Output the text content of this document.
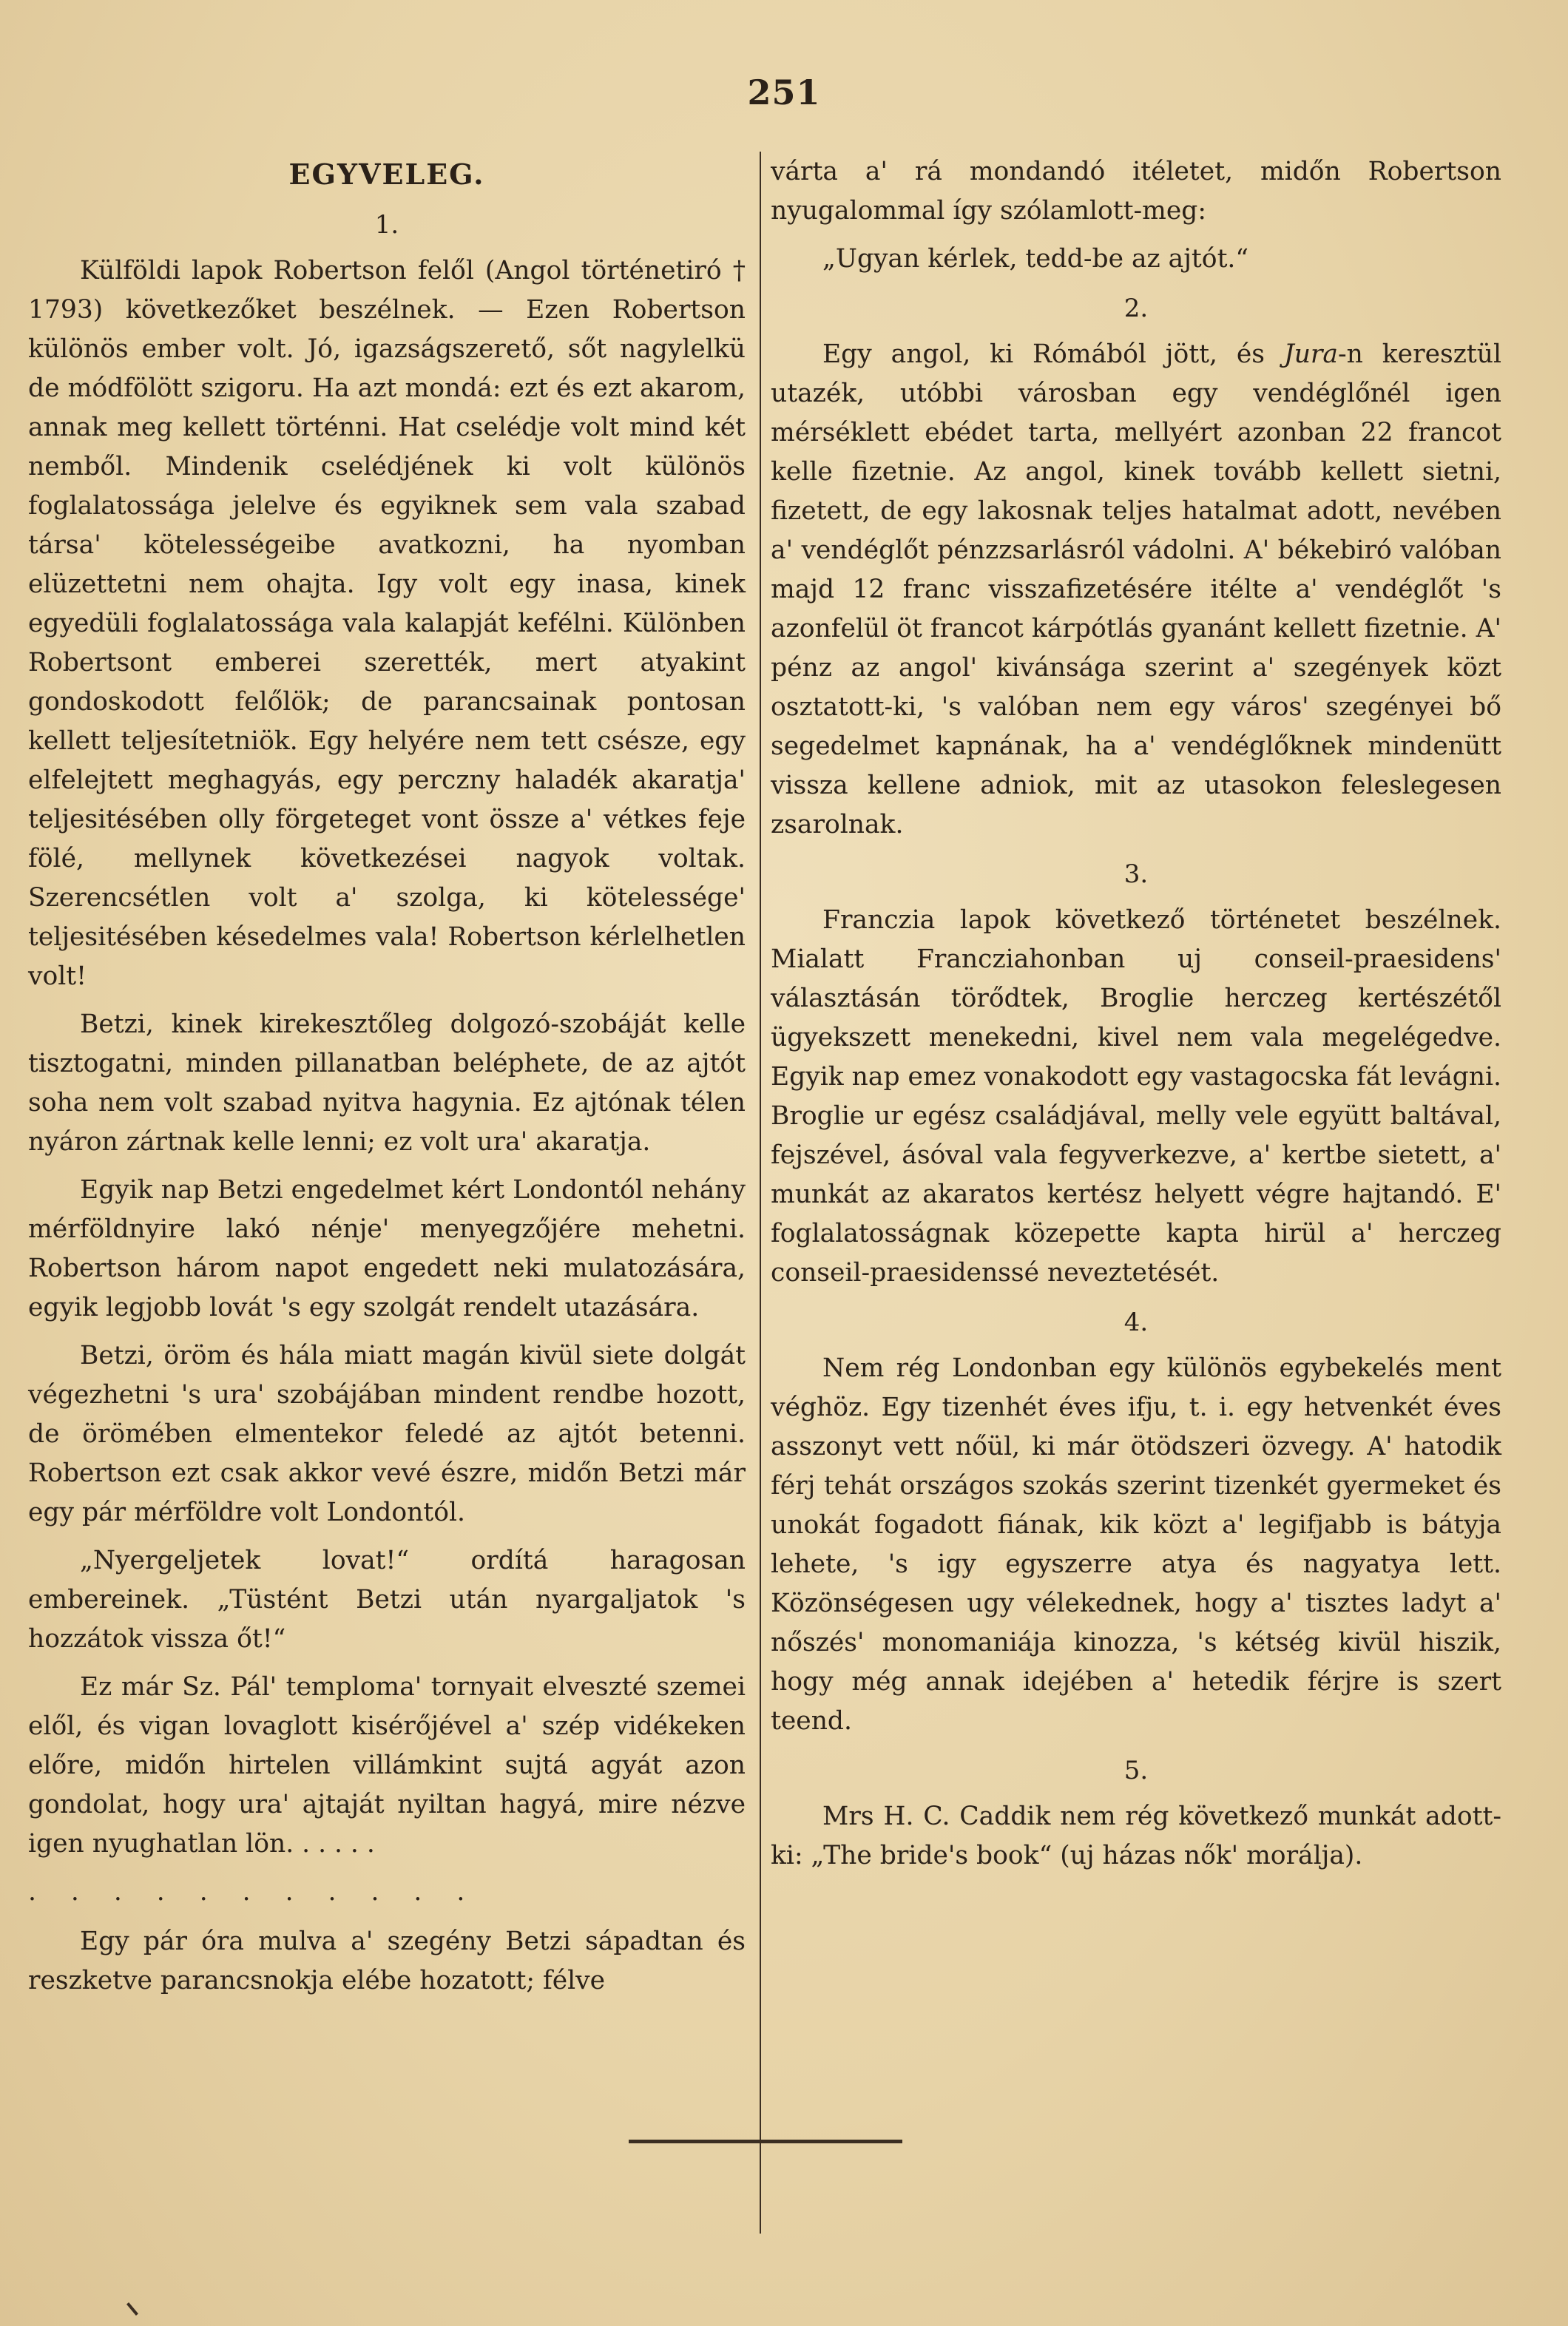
251
EGYVELEG.
1.

Külföldi lapok Robertson felől (Angol történetiró † 1793) következőket beszélnek. — Ezen Robertson különös ember volt. Jó, igazságszerető, sőt nagylelkü de módfölött szigoru. Ha azt mondá: ezt és ezt akarom, annak meg kellett történni. Hat cselédje volt mind két nemből. Mindenik cselédjének ki volt különös foglalatossága jelelve és egyiknek sem vala szabad társa' kötelességeibe avatkozni, ha nyomban elüzettetni nem ohajta. Igy volt egy inasa, kinek egyedüli foglalatossága vala kalapját kefélni. Különben Robertsont emberei szerették, mert atyakint gondoskodott felőlök; de parancsainak pontosan kellett teljesítetniök. Egy helyére nem tett csésze, egy elfelejtett meghagyás, egy perczny haladék akaratja' teljesitésében olly förgeteget vont össze a' vétkes feje fölé, mellynek következései nagyok voltak. Szerencsétlen volt a' szolga, ki kötelessége' teljesitésében késedelmes vala! Robertson kérlelhetlen volt!

Betzi, kinek kirekesztőleg dolgozó-szobáját kelle tisztogatni, minden pillanatban beléphete, de az ajtót soha nem volt szabad nyitva hagynia. Ez ajtónak télen nyáron zártnak kelle lenni; ez volt ura' akaratja.

Egyik nap Betzi engedelmet kért Londontól nehány mérföldnyire lakó nénje' menyegzőjére mehetni. Robertson három napot engedett neki mulatozására, egyik legjobb lovát 's egy szolgát rendelt utazására.

Betzi, öröm és hála miatt magán kivül siete dolgát végezhetni 's ura' szobájában mindent rendbe hozott, de örömében elmentekor feledé az ajtót betenni. Robertson ezt csak akkor vevé észre, midőn Betzi már egy pár mérföldre volt Londontól.

„Nyergeljetek lovat!“ ordítá haragosan embereinek. „Tüstént Betzi után nyargaljatok 's hozzátok vissza őt!“

Ez már Sz. Pál' temploma' tornyait elveszté szemei elől, és vigan lovaglott kisérőjével a' szép vidékeken előre, midőn hirtelen villámkint sujtá agyát azon gondolat, hogy ura' ajtaját nyiltan hagyá, mire nézve igen nyughatlan lön. . . . . .

. . . . . . . . . . .

Egy pár óra mulva a' szegény Betzi sápadtan és reszketve parancsnokja elébe hozatott; félve

várta a' rá mondandó itéletet, midőn Robertson nyugalommal így szólamlott-meg:

„Ugyan kérlek, tedd-be az ajtót.“

2.

Egy angol, ki Rómából jött, és Jura-n keresztül utazék, utóbbi városban egy vendéglőnél igen mérséklett ebédet tarta, mellyért azonban 22 francot kelle fizetnie. Az angol, kinek tovább kellett sietni, fizetett, de egy lakosnak teljes hatalmat adott, nevében a' vendéglőt pénzzsarlásról vádolni. A' békebiró valóban majd 12 franc visszafizetésére itélte a' vendéglőt 's azonfelül öt francot kárpótlás gyanánt kellett fizetnie. A' pénz az angol' kivánsága szerint a' szegények közt osztatott-ki, 's valóban nem egy város' szegényei bő segedelmet kapnának, ha a' vendéglőknek mindenütt vissza kellene adniok, mit az utasokon feleslegesen zsarolnak.

3.

Franczia lapok következő történetet beszélnek. Mialatt Francziahonban uj conseil-praesidens' választásán törődtek, Broglie herczeg kertészétől ügyekszett menekedni, kivel nem vala megelégedve. Egyik nap emez vonakodott egy vastagocska fát levágni. Broglie ur egész családjával, melly vele együtt baltával, fejszével, ásóval vala fegyverkezve, a' kertbe sietett, a' munkát az akaratos kertész helyett végre hajtandó. E' foglalatosságnak közepette kapta hirül a' herczeg conseil-praesidenssé neveztetését.

4.

Nem rég Londonban egy különös egybekelés ment véghöz. Egy tizenhét éves ifju, t. i. egy hetvenkét éves asszonyt vett nőül, ki már ötödszeri özvegy. A' hatodik férj tehát országos szokás szerint tizenkét gyermeket és unokát fogadott fiának, kik közt a' legifjabb is bátyja lehete, 's igy egyszerre atya és nagyatya lett. Közönségesen ugy vélekednek, hogy a' tisztes ladyt a' nőszés' monomaniája kinozza, 's kétség kivül hiszik, hogy még annak idejében a' hetedik férjre is szert teend.

5.

Mrs H. C. Caddik nem rég következő munkát adott-ki: „The bride's book“ (uj házas nők' morálja).
